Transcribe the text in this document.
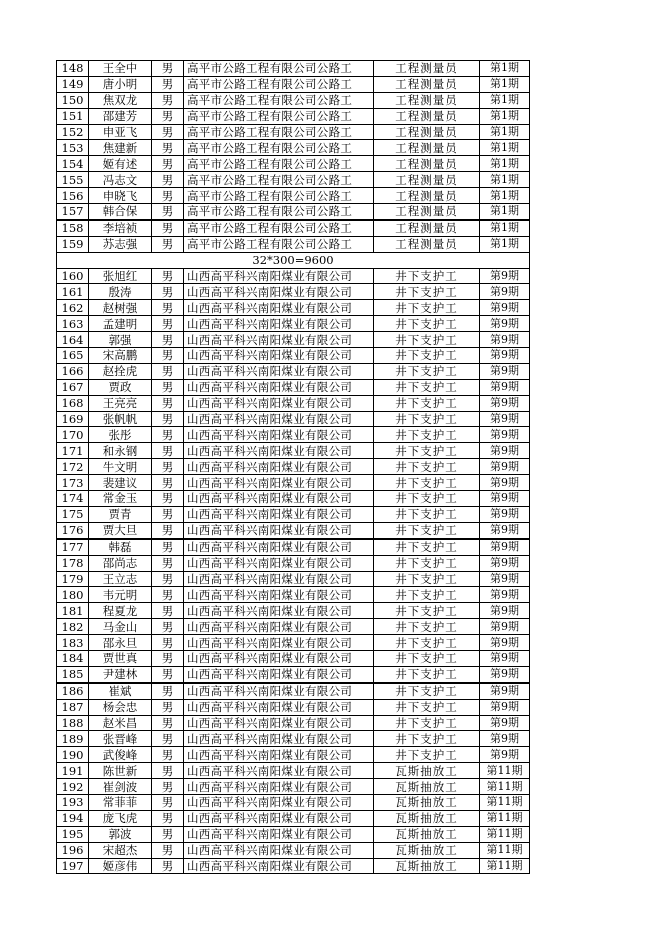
148	王全中	男	高平市公路工程有限公司公路工	工程测量员	第1期
149	唐小明	男	高平市公路工程有限公司公路工	工程测量员	第1期
150	焦双龙	男	高平市公路工程有限公司公路工	工程测量员	第1期
151	邵建芳	男	高平市公路工程有限公司公路工	工程测量员	第1期
152	申亚飞	男	高平市公路工程有限公司公路工	工程测量员	第1期
153	焦建新	男	高平市公路工程有限公司公路工	工程测量员	第1期
154	姬有述	男	高平市公路工程有限公司公路工	工程测量员	第1期
155	冯志文	男	高平市公路工程有限公司公路工	工程测量员	第1期
156	申晓飞	男	高平市公路工程有限公司公路工	工程测量员	第1期
157	韩合保	男	高平市公路工程有限公司公路工	工程测量员	第1期
158	李培祯	男	高平市公路工程有限公司公路工	工程测量员	第1期
159	苏志强	男	高平市公路工程有限公司公路工	工程测量员	第1期
32*300=9600					
160	张旭红	男	山西高平科兴南阳煤业有限公司	井下支护工	第9期
161	殷涛	男	山西高平科兴南阳煤业有限公司	井下支护工	第9期
162	赵树强	男	山西高平科兴南阳煤业有限公司	井下支护工	第9期
163	孟建明	男	山西高平科兴南阳煤业有限公司	井下支护工	第9期
164	郭强	男	山西高平科兴南阳煤业有限公司	井下支护工	第9期
165	宋高鹏	男	山西高平科兴南阳煤业有限公司	井下支护工	第9期
166	赵拴虎	男	山西高平科兴南阳煤业有限公司	井下支护工	第9期
167	贾政	男	山西高平科兴南阳煤业有限公司	井下支护工	第9期
168	王亮亮	男	山西高平科兴南阳煤业有限公司	井下支护工	第9期
169	张帆帆	男	山西高平科兴南阳煤业有限公司	井下支护工	第9期
170	张彤	男	山西高平科兴南阳煤业有限公司	井下支护工	第9期
171	和永钢	男	山西高平科兴南阳煤业有限公司	井下支护工	第9期
172	牛文明	男	山西高平科兴南阳煤业有限公司	井下支护工	第9期
173	裴建议	男	山西高平科兴南阳煤业有限公司	井下支护工	第9期
174	常金玉	男	山西高平科兴南阳煤业有限公司	井下支护工	第9期
175	贾青	男	山西高平科兴南阳煤业有限公司	井下支护工	第9期
176	贾大旦	男	山西高平科兴南阳煤业有限公司	井下支护工	第9期
177	韩磊	男	山西高平科兴南阳煤业有限公司	井下支护工	第9期
178	邵尚志	男	山西高平科兴南阳煤业有限公司	井下支护工	第9期
179	王立志	男	山西高平科兴南阳煤业有限公司	井下支护工	第9期
180	韦元明	男	山西高平科兴南阳煤业有限公司	井下支护工	第9期
181	程夏龙	男	山西高平科兴南阳煤业有限公司	井下支护工	第9期
182	马金山	男	山西高平科兴南阳煤业有限公司	井下支护工	第9期
183	邵永旦	男	山西高平科兴南阳煤业有限公司	井下支护工	第9期
184	贾世真	男	山西高平科兴南阳煤业有限公司	井下支护工	第9期
185	尹建林	男	山西高平科兴南阳煤业有限公司	井下支护工	第9期
186	崔斌	男	山西高平科兴南阳煤业有限公司	井下支护工	第9期
187	杨会忠	男	山西高平科兴南阳煤业有限公司	井下支护工	第9期
188	赵米昌	男	山西高平科兴南阳煤业有限公司	井下支护工	第9期
189	张晋峰	男	山西高平科兴南阳煤业有限公司	井下支护工	第9期
190	武俊峰	男	山西高平科兴南阳煤业有限公司	井下支护工	第9期
191	陈世新	男	山西高平科兴南阳煤业有限公司	瓦斯抽放工	第11期
192	崔剑波	男	山西高平科兴南阳煤业有限公司	瓦斯抽放工	第11期
193	常菲菲	男	山西高平科兴南阳煤业有限公司	瓦斯抽放工	第11期
194	庞飞虎	男	山西高平科兴南阳煤业有限公司	瓦斯抽放工	第11期
195	郭波	男	山西高平科兴南阳煤业有限公司	瓦斯抽放工	第11期
196	宋超杰	男	山西高平科兴南阳煤业有限公司	瓦斯抽放工	第11期
197	姬彦伟	男	山西高平科兴南阳煤业有限公司	瓦斯抽放工	第11期
